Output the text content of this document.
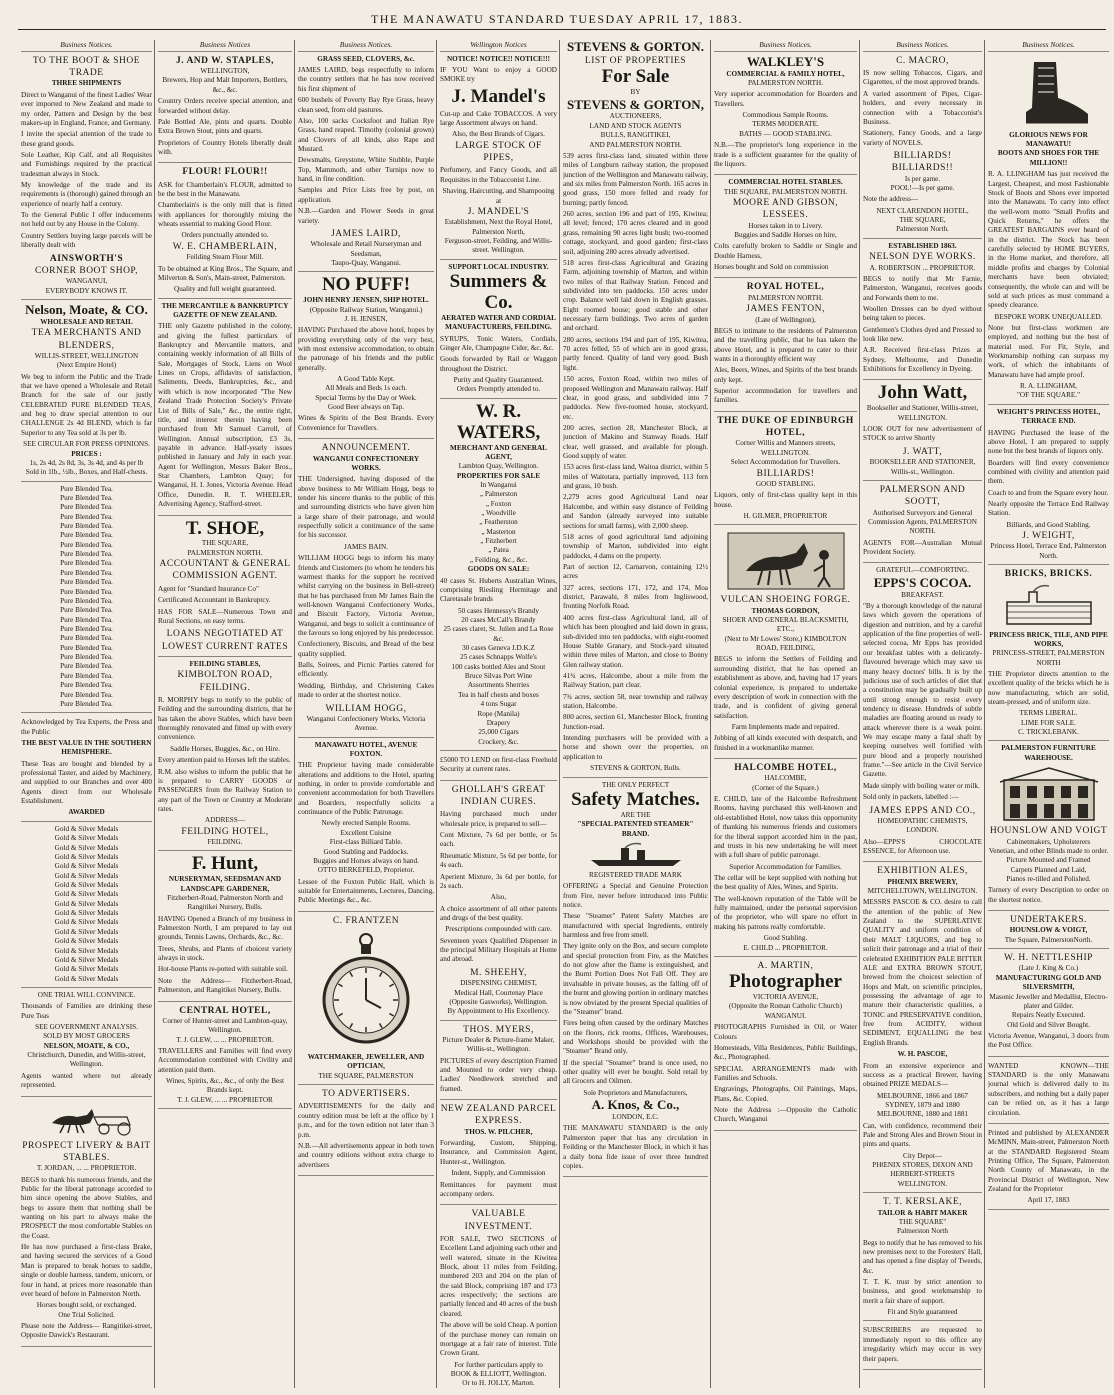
THE MANAWATU STANDARD TUESDAY APRIL 17, 1883.
Business Notices.
TO THE BOOT & SHOE TRADE
THREE SHIPMENTS
Direct to Wanganui of the finest Ladies' Wear ever imported to New Zealand and made to my order, Pattern and Design by the best makers-up in England, France, and Germany.
I invite the special attention of the trade to these grand goods.
Sole Leather, Kip Calf, and all Requisites and Furnishings required by the practical tradesman always in Stock.
My knowledge of the trade and its requirements is (thorough) gained through an experience of nearly half a century.
To the General Public I offer inducements not held out by any House in the Colony.
Country Settlers buying large parcels will be liberally dealt with
AINSWORTH'S
CORNER BOOT SHOP,
WANGANUI,
EVERYBODY KNOWS IT.
Nelson, Moate, & CO.
WHOLESALE AND RETAIL
TEA MERCHANTS AND BLENDERS,
WILLIS-STREET, WELLINGTON
(Next Empire Hotel)
We beg to inform the Public and the Trade that we have opened a Wholesale and Retail Branch for the sale of our justly CELEBRATED PURE BLENDED TEAS, and beg to draw special attention to our CHALLENGE 2s 4d BLEND, which is far Superior to any Tea sold at 3s per lb.
SEE CIRCULAR FOR PRESS OPINIONS.
PRICES :
1s, 2s 4d, 2s 8d, 3s, 3s 4d, and 4s per lb
Sold in 1lb., ½lb., Boxes, and Half-chests.
Pure Blended Tea.
Pure Blended Tea.
Pure Blended Tea.
Pure Blended Tea.
Pure Blended Tea.
Pure Blended Tea.
Pure Blended Tea.
Pure Blended Tea.
Pure Blended Tea.
Pure Blended Tea.
Pure Blended Tea.
Pure Blended Tea.
Pure Blended Tea.
Pure Blended Tea.
Pure Blended Tea.
Pure Blended Tea.
Pure Blended Tea.
Pure Blended Tea.
Pure Blended Tea.
Pure Blended Tea.
Pure Blended Tea.
Pure Blended Tea.
Pure Blended Tea.
Pure Blended Tea.
Acknowledged by Tea Experts, the Press and the Public
THE BEST VALUE IN THE SOUTHERN HEMISPHERE.
These Teas are bought and blended by a professional Taster, and aided by Machinery, and supplied to our Branches and over 400 Agents direct from our Wholesale Establishment.
AWARDED
Gold & Silver Medals
Gold & Silver Medals
Gold & Silver Medals
Gold & Silver Medals
Gold & Silver Medals
Gold & Silver Medals
Gold & Silver Medals
Gold & Silver Medals
Gold & Silver Medals
Gold & Silver Medals
Gold & Silver Medals
Gold & Silver Medals
Gold & Silver Medals
Gold & Silver Medals
Gold & Silver Medals
Gold & Silver Medals
Gold & Silver Medals
ONE TRIAL WILL CONVINCE.
Thousands of Families are drinking these Pure Teas
SEE GOVERNMENT ANALYSIS.
SOLD BY MOST GROCERS
NELSON, MOATE, & CO.,
Christchurch, Dunedin, and Willis-street, Wellington.
Agents wanted where not already represented.
PROSPECT LIVERY & BAIT STABLES.
T. JORDAN, ... ... PROPRIETOR.
BEGS to thank his numerous friends, and the Public for the liberal patronage accorded to him since opening the above Stables, and begs to assure them that nothing shall be wanting on his part to always make the PROSPECT the most comfortable Stables on the Coast.
He has now purchased a first-class Brake, and having secured the services of a Good Man is prepared to break horses to saddle, single or double harness, tandem, unicorn, or four in hand, at prices more reasonable than ever heard of before in Palmerston North.
Horses bought sold, or exchanged.
One Trial Solicited.
Please note the Address— Rangitikei-street, Opposite Dawick's Restaurant.
Business Notices
J. AND W. STAPLES,
WELLINGTON,
Brewers, Hop and Malt Importers, Bottlers, &c., &c.
Country Orders receive special attention, and forwarded without delay.
Pale Bottled Ale, pints and quarts. Double Extra Brown Stout, pints and quarts.
Proprietors of Country Hotels liberally dealt with.
FLOUR! FLOUR!!
ASK for Chamberlain's FLOUR, admitted to be the best in the Manawatu.
Chamberlain's is the only mill that is fitted with appliances for thoroughly mixing the wheats essential to making Good Flour.
Orders punctually attended to.
W. E. CHAMBERLAIN,
Feilding Steam Flour Mill.
To be obtained at King Bros., The Square, and Milverton & Son's, Main-street, Palmerston.
Quality and full weight guaranteed.
THE MERCANTILE & BANKRUPTCY GAZETTE OF NEW ZEALAND.
THE only Gazette published in the colony, and giving the fullest particulars of Bankruptcy and Mercantile matters, and containing weekly information of all Bills of Sale, Mortgages of Stock, Liens on Wool Lines on Crops, affidavits of satisfaction, Saliments, Deeds, Bankruptcies, &c., and with which is now incorporated "The New Zealand Trade Protection Society's Private List of Bills of Sale," &c., the entire right, title, and interest therein having been purchased from Mr Samuel Carroll, of Wellington. Annual subscription, £3 3s, payable in advance. Half-yearly issues published in January and July in each year. Agent for Wellington, Messrs Baker Bros., Star Chambers, Lambton Quay; for Wanganui, H. I. Jones, Victoria Avenue. Head Office, Dunedin. R. T. WHEELER, Advertising Agency, Stafford-street.
T. SHOE,
THE SQUARE,
PALMERSTON NORTH.
ACCOUNTANT & GENERAL COMMISSION AGENT.
Agent for "Standard Insurance Co"
Certificated Accountant in Bankruptcy.
HAS FOR SALE—Numerous Town and Rural Sections, on easy terms.
LOANS NEGOTIATED AT LOWEST CURRENT RATES
FEILDING STABLES,
KIMBOLTON ROAD, FEILDING.
R. MORPHY begs to notify to the public of Feilding and the surrounding districts, that he has taken the above Stables, which have been thoroughly renovated and fitted up with every convenience.
Saddle Horses, Buggies, &c., on Hire.
Every attention paid to Horses left the stables.
R.M. also wishes to inform the public that he is prepared to CARRY GOODS or PASSENGERS from the Railway Station to any part of the Town or Country at Moderate rates.
ADDRESS—
FEILDING HOTEL,
FEILDING.
F. Hunt,
NURSERYMAN, SEEDSMAN AND LANDSCAPE GARDENER,
Fitzherbert-Road, Palmerston North and Rangitikei Nursery, Bulls.
HAVING Opened a Branch of my business in Palmerston North, I am prepared to lay out grounds, Tennis Lawns, Orchards, &c., &c.
Trees, Shrubs, and Plants of choicest variety always in stock.
Hot-house Plants re-potted with suitable soil.
Note the Address— Fitzherbert-Road, Palmerston, and Rangitikei Nursery, Bulls.
CENTRAL HOTEL,
Corner of Hunter-street and Lambton-quay, Wellington.
T. J. GLEW, ... ... PROPRIETOR.
TRAVELLERS and Families will find every Accommodation combined with Civility and attention paid them.
Wines, Spirits, &c., &c., of only the Best Brands kept.
T. J. GLEW, ... ... PROPRIETOR
Business Notices.
GRASS SEED, CLOVERS, &c.
JAMES LAIRD, begs respectfully to inform the country settlers that he has now received his first shipment of
600 bushels of Poverty Bay Rye Grass, heavy clean seed, from old pastures.
Also, 100 sacks Cocksfoot and Italian Rye Grass, hand reaped. Timothy (colonial grown) and Clovers of all kinds, also Rape and Mustard.
Dewsmalts, Greystone, White Stubble, Purple Top, Mammoth, and other Turnips now to hand, in fine condition.
Samples and Price Lists free by post, on application.
N.B.—Garden and Flower Seeds in great variety.
JAMES LAIRD,
Wholesale and Retail Nurseryman and Seedsman,
Taupo-Quay, Wanganui.
NO PUFF!
JOHN HENRY JENSEN, SHIP HOTEL.
(Opposite Railway Station, Wanganui.)
J. H. JENSEN,
HAVING Purchased the above hotel, hopes by providing everything only of the very best, with most extensive accommodation, to obtain the patronage of his friends and the public generally.
A Good Table Kept.
All Meals and Beds 1s each.
Special Terms by the Day or Week.
Good Beer always on Tap.
Wines & Spirits of the Best Brands. Every Convenience for Travellers.
ANNOUNCEMENT.
WANGANUI CONFECTIONERY WORKS.
THE Undersigned, having disposed of the above business to Mr William Hogg, begs to tender his sincere thanks to the public of this and surrounding districts who have given him a large share of their patronage, and would respectfully solicit a continuance of the same for his successor.
JAMES BAIN.
WILLIAM HOGG begs to inform his many friends and Customers (to whom he tenders his warmest thanks for the support he received whilst carrying on the business in Bell-street) that he has purchased from Mr James Bain the well-known Wanganui Confectionery Works, and Biscuit Factory, Victoria Avenue, Wanganui, and begs to solicit a continuance of the favours so long enjoyed by his predecessor.
Confectionery, Biscuits, and Bread of the best quality supplied.
Balls, Soirees, and Picnic Parties catered for efficiently.
Wedding, Birthday, and Christening Cakes made to order at the shortest notice.
WILLIAM HOGG,
Wanganui Confectionery Works, Victoria Avenue.
MANAWATU HOTEL, AVENUE FOXTON.
THE Proprietor having made considerable alterations and additions to the Hotel, sparing nothing, in order to provide comfortable and convenient accommodation for both Travellers and Boarders, respectfully solicits a continuance of the Public Patronage.
Newly erected Sample Rooms.
Excellent Cuisine
First-class Billiard Table.
Good Stabling and Paddocks.
Buggies and Horses always on hand.
OTTO BERKEFELD, Proprietor.
Lessee of the Foxton Public Hall, which is suitable for Entertainments, Lectures, Dancing, Public Meetings &c., &c.
C. FRANTZEN
WATCHMAKER, JEWELLER, AND OPTICIAN,
THE SQUARE, PALMERSTON
TO ADVERTISERS.
ADVERTISEMENTS for the daily and country edition must be left at the office by 1 p.m., and for the town edition not later than 3 p.m.
N.B.—All advertisements appear in both town and country editions without extra charge to advertisers
Wellington Notices
NOTICE! NOTICE!! NOTICE!!!
IF YOU Want to enjoy a GOOD SMOKE try
J. Mandel's
Cut-up and Cake TOBACCOS. A very large Assortment always on hand.
Also, the Best Brands of Cigars.
LARGE STOCK OF PIPES,
Perfumery, and Fancy Goods, and all Requisites in the Tobacconist Line.
Shaving, Haircutting, and Shampooing at
J. MANDEL'S
Establishment, Next the Royal Hotel, Palmerston North,
Ferguson-street, Feilding, and Willis-street. Wellington.
SUPPORT LOCAL INDUSTRY.
Summers & Co.
AERATED WATER AND CORDIAL MANUFACTURERS, FEILDING.
SYRUPS, Tonic Waters, Cordials, Ginger Ale, Champagne Cider, &c. &c.
Goods forwarded by Rail or Waggon throughout the District.
Purity and Quality Guaranteed.
Orders Promptly attended to.
W. R. WATERS,
MERCHANT AND GENERAL AGENT,
Lambton Quay, Wellington.
PROPERTIES FOR SALE
In Wanganui
„ Palmerston
„ Foxton
„ Woodville
„ Featherston
„ Masterton
„ Fitzherbert
„ Patea
„ Feilding, &c., &c.
GOODS ON SALE:
40 cases St. Huberts Australian Wines, comprising Riesling Hermitage and Claretasale brands
50 cases Hennessy's Brandy
20 cases McCall's Brandy
25 cases claret, St. Julien and La Rose &c.
30 cases Geneva J.D.K.Z
25 cases Schnapps Wolfe's
100 casks bottled Ales and Stout
Bruce Silvas Port Wine
Assortments Sherries
Tea in half chests and boxes
4 tons Sugar
Rope (Manila)
Drapery
25,000 Cigars
Crockery, &c.
£5000 TO LEND on first-class Freehold Security at current rates.
GHOLLAH'S GREAT INDIAN CURES.
Having purchased much under wholesale price, is prepared to sell—
Cont Mixture, 7s 6d per bottle, or 5s each.
Rheumatic Mixture, 5s 6d per bottle, for 4s each.
Aperient Mixture, 3s 6d per bottle, for 2s each.
Also,
A choice assortment of all other patents and drugs of the best quality.
Prescriptions compounded with care.
Seventeen years Qualified Dispenser in the principal Military Hospitals at Home and abroad.
M. SHEEHY,
DISPENSING CHEMIST,
Medical Hall, Courtenay Place (Opposite Gasworks), Wellington.
By Appointment to His Excellency.
THOS. MYERS,
Picture Dealer & Picture-frame Maker, Willis-st., Wellington.
PICTURES of every description Framed and Mounted to order very cheap. Ladies' Needlework stretched and framed.
NEW ZEALAND PARCEL EXPRESS.
THOS. W. PILCHER,
Forwarding, Custom, Shipping, Insurance, and Commission Agent, Hunter-st., Wellington.
Indent, Supply, and Commission
Remittances for payment must accompany orders.
VALUABLE INVESTMENT.
FOR SALE, TWO SECTIONS of Excellent Land adjoining each other and well watered, situate in the Kiwitea Block, about 11 miles from Feilding, numbered 203 and 204 on the plan of the said Block, comprising 187 and 173 acres respectively; the sections are partially fenced and 40 acres of the bush cleared.
The above will be sold Cheap. A portion of the purchase money can remain on mortgage at a fair rate of interest. Title Crown Grant.
For further particulars apply to
BOOK & ELLIOTT, Wellington.
Or to H. JOLLY, Marton.
STEVENS & GORTON.
LIST OF PROPERTIES
For Sale
BY
STEVENS & GORTON,
AUCTIONEERS,
LAND AND STOCK AGENTS
BULLS, RANGITIKEI,
AND PALMERSTON NORTH.
539 acres first-class land, situated within three miles of Longburn railway station, the proposed junction of the Wellington and Manawatu railway, and six miles from Palmerston North. 165 acres in good grass, 150 more felled and ready for burning; partly fenced.
260 acres, section 196 and part of 195, Kiwitea; all level; fenced; 170 acres cleared and in good grass, remaining 90 acres light bush; two-roomed cottage, stockyard, and good garden; first-class soil, adjoining 280 acres already advertised.
518 acres first-class Agricultural and Grazing Farm, adjoining township of Marton, and within two miles of that Railway Station. Fenced and subdivided into ten paddocks. 150 acres under crop. Balance well laid down in English grasses. Eight roomed house; good stable and other necessary farm buildings. Two acres of garden and orchard.
280 acres, sections 194 and part of 195, Kiwitea, 70 acres felled, 55 of which are in good grass, partly fenced. Quality of land very good. Bush light.
150 acres, Foxton Road, within two miles of proposed Wellington and Manawatu railway. Half clear, in good grass, and subdivided into 7 paddocks. New five-roomed house, stockyard, etc.
200 acres, section 28, Manchester Block, at junction of Makino and Stanway Roads. Half clear, well grassed, and available for plough. Good supply of water.
153 acres first-class land, Waitoa district, within 5 miles of Waitotara, partially improved, 113 fern and grass, 10 bush.
2,279 acres good Agricultural Land near Halcombe, and within easy distance of Feilding and Sandon (already surveyed into suitable sections for small farms), with 2,000 sheep.
518 acres of good agricultural land adjoining township of Marton, subdivided into eight paddocks, 4 dams on the property.
Part of section 12, Carnarvon, containing 12½ acres
327 acres, sections 171, 172, and 174, Moa district, Parawahi, 8 miles from Ingliswood, fronting Norfolk Road.
400 acres first-class Agricultural land, all of which has been ploughed and laid down in grass, sub-divided into ten paddocks, with eight-roomed House Stable Granary, and Stock-yard situated within three miles of Marton, and close to Bonny Glen railway station.
41¾ acres, Halcombe, about a mile from the Railway Station, part clear.
7¾ acres, section 58, near township and railway station, Halcombe.
800 acres, section 61, Manchester Block, fronting Junction-road.
Intending purchasers will be provided with a horse and shown over the properties, on application to
STEVENS & GORTON, Bulls.
THE ONLY PERFECT
Safety Matches.
ARE THE
"SPECIAL PATENTED STEAMER" BRAND.
REGISTERED TRADE MARK
OFFERING a Special and Genuine Protection from Fire, never before introduced into Public notice.
These "Steamer" Patent Safety Matches are manufactured with special Ingredients, entirely harmless and free from smell.
They ignite only on the Box, and secure complete and special protection from Fire, as the Matches do not glow after the flame is extinguished, and the Burnt Portion Does Not Fall Off. They are invaluable in private houses, as the falling off of the burnt and glowing portion in ordinary matches is now obviated by the present Special qualities of the "Steamer" brand.
Fires being often caused by the ordinary Matches on the floors, rick rooms, Offices, Warehouses, and Workshops should be provided with the "Steamer" Brand only.
If the special "Steamer" brand is once used, no other quality will ever be bought. Sold retail by all Grocers and Oilmen.
Sole Proprietors and Manufacturers,
A. Knos, & Co.,
LONDON, E.C.
THE MANAWATU STANDARD is the only Palmerston paper that has any circulation in Feilding or the Manchester Block, in which it has a daily bona fide issue of over three hundred copies.
Business Notices.
WALKLEY'S
COMMERCIAL & FAMILY HOTEL,
PALMERSTON NORTH.
Very superior accommodation for Boarders and Travellers.
Commodious Sample Rooms.
TERMS MODERATE.
BATHS — GOOD STABLING.
N.B.—The proprietor's long experience in the trade is a sufficient guarantee for the quality of the liquors.
COMMERCIAL HOTEL STABLES.
THE SQUARE, PALMERSTON NORTH.
MOORE AND GIBSON, LESSEES.
Horses taken in to Livery.
Buggies and Saddle Horses on hire,
Colts carefully broken to Saddle or Single and Double Harness,
Horses bought and Sold on commission
ROYAL HOTEL,
PALMERSTON NORTH.
JAMES FENTON,
(Late of Wellington),
BEGS to intimate to the residents of Palmerston and the travelling public, that he has taken the above Hotel, and is prepared to cater to their wants in a thoroughly efficient way
Ales, Beers, Wines, and Spirits of the best brands only kept.
Superior accommodation for travellers and families.
THE DUKE OF EDINBURGH HOTEL,
Corner Willis and Manners streets, WELLINGTON.
Select Accommodation for Travellers.
BILLIARDS!
GOOD STABLING.
Liquors, only of first-class quality kept in this house.
H. GILMER, PROPRIETOR
VULCAN SHOEING FORGE.
THOMAS GORDON,
SHOER AND GENERAL BLACKSMITH, ETC.,
(Next to Mr Lowes' Store,) KIMBOLTON ROAD, FEILDING,
BEGS to inform the Settlers of Feilding and surrounding district, that he has opened an establishment as above, and, having had 17 years colonial experience, is prepared to undertake every description of work in connection with the trade, and is confident of giving general satisfaction.
Farm Implements made and repaired.
Jobbing of all kinds executed with despatch, and finished in a workmanlike manner.
HALCOMBE HOTEL,
HALCOMBE,
(Corner of the Square.)
E. CHILD, late of the Halcombe Refreshment Rooms, having purchased this well-known and old-established Hotel, now takes this opportunity of thanking his numerous friends and customers for the liberal support accorded him in the past, and trusts in his new undertaking he will meet with a full share of public patronage.
Superior Accommodation for Families.
The cellar will be kept supplied with nothing but the best quality of Ales, Wines, and Spirits.
The well-known reputation of the Table will be fully maintained, under the personal supervision of the proprietor, who will spare no effort in making his patrons really comfortable.
Good Stabling.
E. CHILD ... PROPRIETOR.
A. MARTIN,
Photographer
VICTORIA AVENUE,
(Opposite the Roman Catholic Church) WANGANUI.
PHOTOGRAPHS Furnished in Oil, or Water Colours
Homesteads, Villa Residences, Public Buildings, &c., Photographed.
SPECIAL ARRANGEMENTS made with Families and Schools.
Engravings, Photographs, Oil Paintings, Maps, Plans, &c. Copied.
Note the Address :—Opposite the Catholic Church, Wanganui
Business Notices.
C. MACRO,
IS now selling Tobaccos, Cigars, and Cigarettes, of the most approved brands.
A varied assortment of Pipes, Cigar-holders, and every necessary in connection with a Tobacconist's Business.
Stationery, Fancy Goods, and a large variety of NOVELS.
BILLIARDS! BILLIARDS!!
Is per game.
POOL!—Is per game.
Note the address—
NEXT CLARENDON HOTEL,
THE SQUARE,
Palmerston North.
ESTABLISHED 1863.
NELSON DYE WORKS.
A. ROBERTSON ... PROPRIETOR.
BEGS to notify that Mr Farnie, Palmerston, Wanganui, receives goods and Forwards them to me.
Woollen Dresses can be dyed without being taken to pieces.
Gentlemen's Clothes dyed and Pressed to look like new.
A.R. Received first-class Prizes at Sydney, Melbourne, and Dunedin Exhibitions for Excellency in Dyeing.
John Watt,
Bookseller and Stationer, Willis-street, WELLINGTON.
LOOK OUT for new advertisement of STOCK to arrive Shortly
J. WATT,
BOOKSELLER AND STATIONER,
Willis-st., Wellington.
PALMERSON AND SOOTT,
Authorised Surveyors and General Commission Agents, PALMERSTON NORTH.
AGENTS FOR—Australian Mutual Provident Society.
GRATEFUL—COMFORTING.
EPPS'S COCOA.
BREAKFAST.
"By a thorough knowledge of the natural laws which govern the operations of digestion and nutrition, and by a careful application of the fine properties of well-selected cocoa, Mr Epps has provided our breakfast tables with a delicately-flavoured beverage which may save us many heavy doctors' bills. It is by the judicious use of such articles of diet that a constitution may be gradually built up until strong enough to resist every tendency to disease. Hundreds of subtle maladies are floating around us ready to attack wherever there is a weak point. We may escape many a fatal shaft by keeping ourselves well fortified with pure blood and a properly nourished frame."—See article in the Civil Service Gazette.
Made simply with boiling water or milk.
Sold only in packets, labelled :—
JAMES EPPS AND CO.,
HOMEOPATHIC CHEMISTS, LONDON.
Also—EPPS'S CHOCOLATE ESSENCE, for Afternoon use.
EXHIBITION ALES,
PHŒNIX BREWERY,
MITCHELLTOWN, WELLINGTON.
MESSRS PASCOE & CO. desire to call the attention of the public of New Zealand to the SUPERLATIVE QUALITY and uniform condition of their MALT LIQUORS, and beg to solicit their patronage and a trial of their celebrated EXHIBITION PALE BITTER ALE and EXTRA BROWN STOUT, brewed from the choicest selection of Hops and Malt, on scientific principles, possessing the advantage of age to mature their characteristic qualities, a TONIC and PRESERVATIVE condition, free from ACIDITY, without SEDIMENT, EQUALLING the best English Brands.
W. H. PASCOE,
From an extensive experience and success as a practical Brewer, having obtained PRIZE MEDALS—
MELBOURNE, 1866 and 1867
SYDNEY, 1879 and 1880
MELBOURNE, 1880 and 1881
Can, with confidence, recommend their Pale and Strong Ales and Brown Stout in pints and quarts.
City Depot—
PHŒNIX STORES, DIXON AND HERBERT-STREETS
WELLINGTON.
T. T. KERSLAKE,
TAILOR & HABIT MAKER
THE SQUARE"
Palmerston North
Begs to notify that he has removed to his new premises next to the Foresters' Hall, and has opened a fine display of Tweeds, &c.
T. T. K. trust by strict attention to business, and good workmanship to merit a fair share of support.
Fit and Style guaranteed
SUBSCRIBERS are requested to immediately report to this office any irregularity which may occur in very their papers.
Business Notices.
GLORIOUS NEWS FOR MANAWATU!
BOOTS AND SHOES FOR THE MILLION!!
R. A. LLINGHAM has just received the Largest, Cheapest, and most Fashionable Stock of Boots and Shoes ever imported into the Manawatu. To carry into effect the well-worn motto "Small Profits and Quick Returns," he offers the GREATEST BARGAINS ever heard of in the district. The Stock has been carefully selected by HOME BUYERS, in the Home market, and therefore, all middle profits and charges by Colonial merchants have been obviated; consequently, the whole can and will be sold at such prices as must command a speedy clearance.
BESPOKE WORK UNEQUALLED.
None but first-class workmen are employed, and nothing but the best of material used. For Fit, Style, and Workmanship nothing can surpass my work, of which the inhabitants of Manawatu have had ample proof.
R. A. LLINGHAM,
"OF THE SQUARE."
WEIGHT'S PRINCESS HOTEL, TERRACE END.
HAVING Purchased the lease of the above Hotel, I am prepared to supply none but the best brands of liquors only.
Boarders will find every convenience combined with civility and attention paid them.
Coach to and from the Square every hour.
Nearly opposite the Terrace End Railway Station.
Billiards, and Good Stabling.
J. WEIGHT,
Princess Hotel, Terrace End, Palmerston North.
BRICKS, BRICKS.
PRINCESS BRICK, TILE, AND PIPE WORKS,
PRINCESS-STREET, PALMERSTON NORTH
THE Proprietor directs attention to the excellent quality of the bricks which he is now manufacturing, which are solid, steam-pressed, and of uniform size.
TERMS LIBERAL.
LIME FOR SALE.
C. TRICKLEBANK.
PALMERSTON FURNITURE WAREHOUSE.
HOUNSLOW AND VOIGT
Cabinetmakers, Upholsterers
Venetian, and other Blinds made to order.
Picture Mounted and Framed
Carpets Planned and Laid,
Pianos re-tilled and Polished.
Turnery of every Description to order on the shortest notice.
UNDERTAKERS.
HOUNSLOW & VOIGT,
The Square, PalmerstonNorth.
W. H. NETTLESHIP
(Late J. King & Co.)
MANUFACTURING GOLD AND SILVERSMITH,
Masonic Jeweller and Medallist, Electro-plater and Gilder.
Repairs Neatly Executed.
Old Gold and Silver Bought.
Victoria Avenue, Wanganui, 3 doors from the Post Office.
WANTED KNOWN—THE STANDARD is the only Manawatu journal which is delivered daily to its subscribers, and nothing but a daily paper can be relied on, as it has a large circulation.
Printed and published by ALEXANDER McMINN, Main-street, Palmerston North at the STANDARD Registered Steam Printing Office, The Square, Palmerston North County of Manawatu, in the Provincial District of Wellington, New Zealand for the Proprietor
April 17, 1883
